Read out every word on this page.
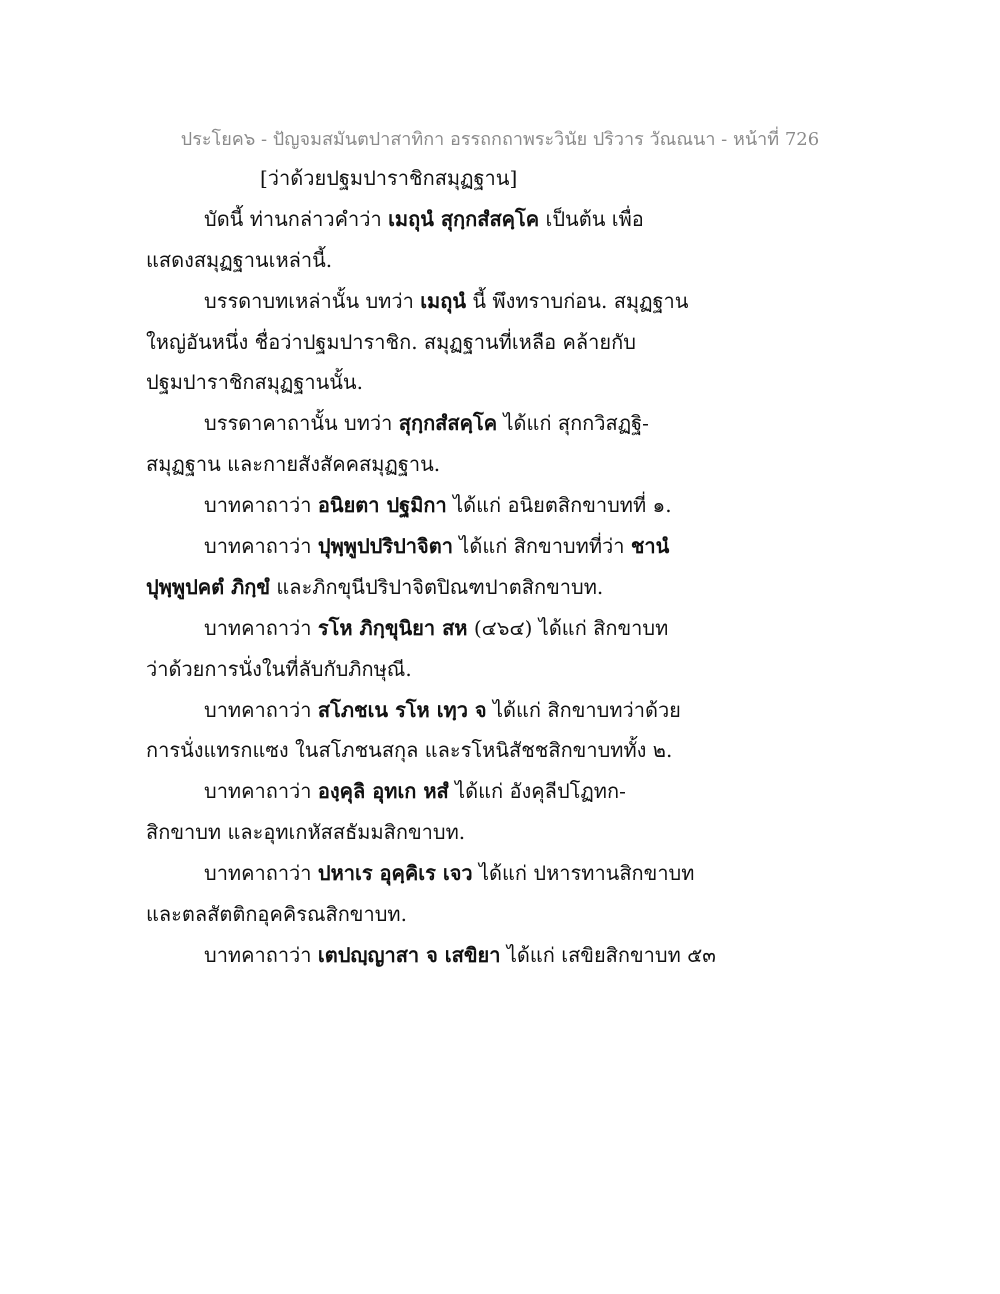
ประโยค๖ - ปัญจมสมันตปาสาทิกา อรรถกถาพระวินัย ปริวาร วัณณนา - หน้าที่ 726
[ว่าด้วยปฐมปาราชิกสมุฏฐาน]
บัดนี้ ท่านกล่าวคำว่า เมถุนํ สุกฺกสํสคฺโค เป็นต้น เพื่อ
แสดงสมุฏฐานเหล่านี้.
บรรดาบทเหล่านั้น บทว่า เมถุนํ นี้ พึงทราบก่อน. สมุฏฐาน
ใหญ่อันหนึ่ง ชื่อว่าปฐมปาราชิก. สมุฏฐานที่เหลือ คล้ายกับ
ปฐมปาราชิกสมุฏฐานนั้น.
บรรดาคาถานั้น บทว่า สุกฺกสํสคฺโค ได้แก่ สุกกวิสฏฐิ-
สมุฏฐาน และกายสังสัคคสมุฏฐาน.
บาทคาถาว่า อนิยตา ปฐมิกา ได้แก่ อนิยตสิกขาบทที่ ๑.
บาทคาถาว่า ปุพฺพูปปริปาจิตา ได้แก่ สิกขาบทที่ว่า ชานํ
ปุพฺพูปคตํ ภิกฺขํ และภิกขุนีปริปาจิตปิณฑปาตสิกขาบท.
บาทคาถาว่า รโห ภิกฺขุนิยา สห (๔๖๔) ได้แก่ สิกขาบท
ว่าด้วยการนั่งในที่ลับกับภิกษุณี.
บาทคาถาว่า สโภชเน รโห เทฺว จ ได้แก่ สิกขาบทว่าด้วย
การนั่งแทรกแซง ในสโภชนสกุล และรโหนิสัชชสิกขาบททั้ง ๒.
บาทคาถาว่า องฺคุลิ อุทเก หสํ ได้แก่ อังคุลีปโฏทก-
สิกขาบท และอุทเกหัสสธัมมสิกขาบท.
บาทคาถาว่า ปหาเร อุคฺคิเร เจว ได้แก่ ปหารทานสิกขาบท
และตลสัตติกอุคคิรณสิกขาบท.
บาทคาถาว่า เตปญฺญาสา จ เสขิยา ได้แก่ เสขิยสิกขาบท ๕๓
